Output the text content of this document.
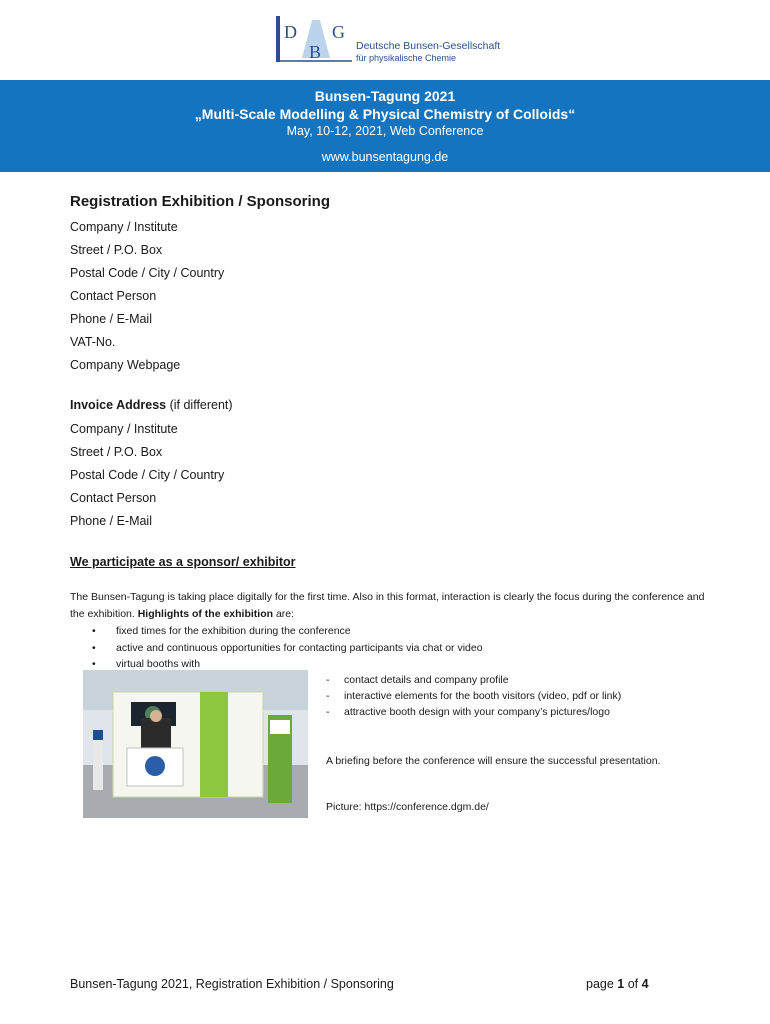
D
B
G
Deutsche Bunsen-Gesellschaft
für physikalische Chemie
Bunsen-Tagung 2021
„Multi-Scale Modelling & Physical Chemistry of Colloids“
May, 10-12, 2021, Web Conference
www.bunsentagung.de
Registration Exhibition / Sponsoring
Company / Institute
Street / P.O. Box
Postal Code / City / Country
Contact Person
Phone / E-Mail
VAT-No.
Company Webpage
Invoice Address (if different)
Company / Institute
Street / P.O. Box
Postal Code / City / Country
Contact Person
Phone / E-Mail
We participate as a sponsor/ exhibitor
The Bunsen-Tagung is taking place digitally for the first time. Also in this format, interaction is clearly the focus during the conference and the exhibition. Highlights of the exhibition are:
• fixed times for the exhibition during the conference
• active and continuous opportunities for contacting participants via chat or video
• virtual booths with
- contact details and company profile
- interactive elements for the booth visitors (video, pdf or link)
- attractive booth design with your company’s pictures/logo
A briefing before the conference will ensure the successful presentation.
Picture: https://conference.dgm.de/
Bunsen-Tagung 2021, Registration Exhibition / Sponsoring	page 1 of 4
